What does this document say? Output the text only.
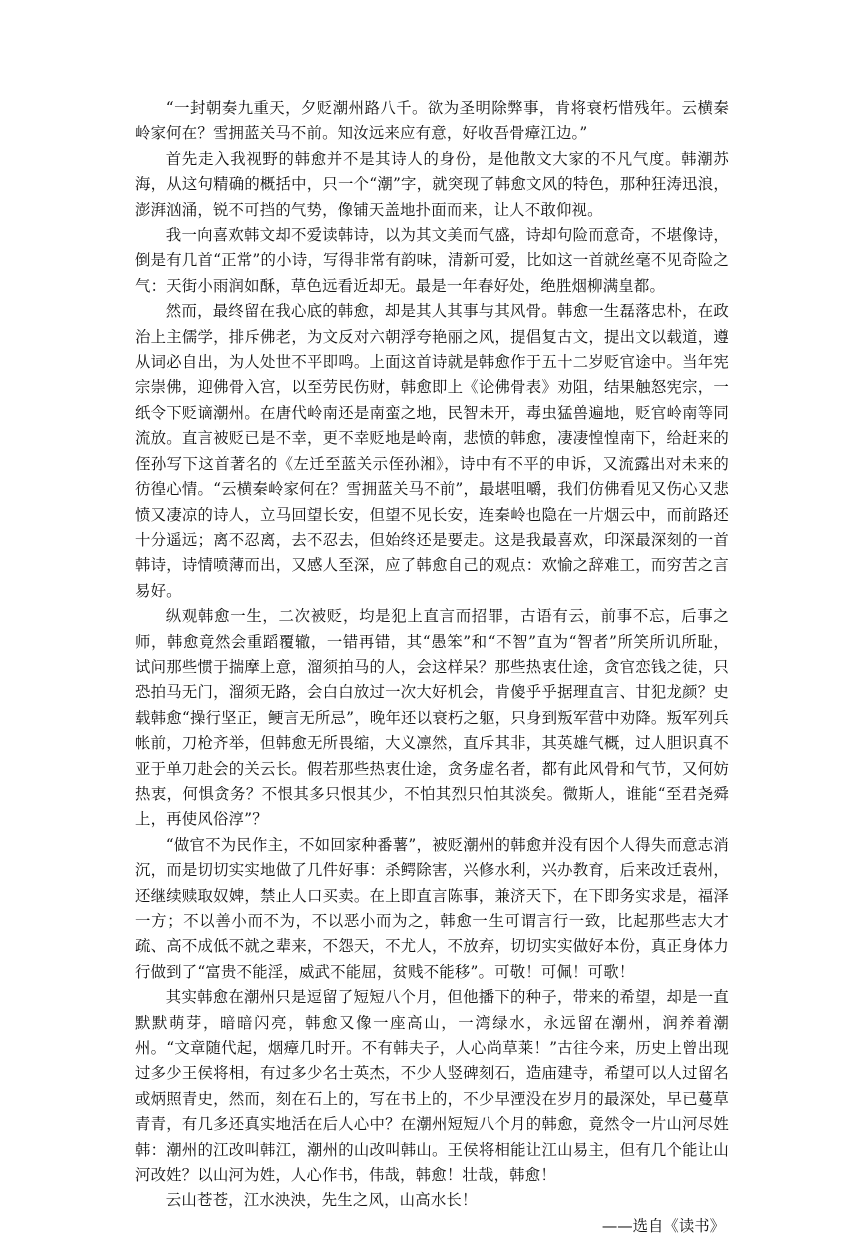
“一封朝奏九重天，夕贬潮州路八千。欲为圣明除弊事，肯将衰朽惜残年。云横秦岭家何在？雪拥蓝关马不前。知汝远来应有意，好收吾骨瘴江边。”

首先走入我视野的韩愈并不是其诗人的身份，是他散文大家的不凡气度。韩潮苏海，从这句精确的概括中，只一个“潮”字，就突现了韩愈文风的特色，那种狂涛迅浪，澎湃汹涌，锐不可挡的气势，像铺天盖地扑面而来，让人不敢仰视。

我一向喜欢韩文却不爱读韩诗，以为其文美而气盛，诗却句险而意奇，不堪像诗，倒是有几首“正常”的小诗，写得非常有韵味，清新可爱，比如这一首就丝毫不见奇险之气：天街小雨润如酥，草色远看近却无。最是一年春好处，绝胜烟柳满皇都。

然而，最终留在我心底的韩愈，却是其人其事与其风骨。韩愈一生磊落忠朴，在政治上主儒学，排斥佛老，为文反对六朝浮夸艳丽之风，提倡复古文，提出文以载道，遵从词必自出，为人处世不平即鸣。上面这首诗就是韩愈作于五十二岁贬官途中。当年宪宗崇佛，迎佛骨入宫，以至劳民伤财，韩愈即上《论佛骨表》劝阻，结果触怒宪宗，一纸令下贬谪潮州。在唐代岭南还是南蛮之地，民智未开，毒虫猛兽遍地，贬官岭南等同流放。直言被贬已是不幸，更不幸贬地是岭南，悲愤的韩愈，凄凄惶惶南下，给赶来的侄孙写下这首著名的《左迁至蓝关示侄孙湘》，诗中有不平的申诉，又流露出对未来的彷徨心情。“云横秦岭家何在？雪拥蓝关马不前”，最堪咀嚼，我们仿佛看见又伤心又悲愤又凄凉的诗人，立马回望长安，但望不见长安，连秦岭也隐在一片烟云中，而前路还十分遥远；离不忍离，去不忍去，但始终还是要走。这是我最喜欢，印深最深刻的一首韩诗，诗情喷薄而出，又感人至深，应了韩愈自己的观点：欢愉之辞难工，而穷苦之言易好。

纵观韩愈一生，二次被贬，均是犯上直言而招罪，古语有云，前事不忘，后事之师，韩愈竟然会重蹈覆辙，一错再错，其“愚笨”和“不智”直为“智者”所笑所讥所耻，试问那些惯于揣摩上意，溜须拍马的人，会这样呆？那些热衷仕途，贪官恋钱之徒，只恐拍马无门，溜须无路，会白白放过一次大好机会，肯傻乎乎据理直言、甘犯龙颜？史载韩愈“操行坚正，鲠言无所忌”，晚年还以衰朽之躯，只身到叛军营中劝降。叛军列兵帐前，刀枪齐举，但韩愈无所畏缩，大义凛然，直斥其非，其英雄气概，过人胆识真不亚于单刀赴会的关云长。假若那些热衷仕途，贪务虚名者，都有此风骨和气节，又何妨热衷，何惧贪务？不恨其多只恨其少，不怕其烈只怕其淡矣。微斯人，谁能“至君尧舜上，再使风俗淳”？

“做官不为民作主，不如回家种番薯”，被贬潮州的韩愈并没有因个人得失而意志消沉，而是切切实实地做了几件好事：杀鳄除害，兴修水利，兴办教育，后来改迁袁州，还继续赎取奴婢，禁止人口买卖。在上即直言陈事，兼济天下，在下即务实求是，福泽一方；不以善小而不为，不以恶小而为之，韩愈一生可谓言行一致，比起那些志大才疏、高不成低不就之辈来，不怨天，不尤人，不放弃，切切实实做好本份，真正身体力行做到了“富贵不能淫，威武不能屈，贫贱不能移”。可敬！可佩！可歌！

其实韩愈在潮州只是逗留了短短八个月，但他播下的种子，带来的希望，却是一直默默萌芽，暗暗闪亮，韩愈又像一座高山，一湾绿水，永远留在潮州，润养着潮州。“文章随代起，烟瘴几时开。不有韩夫子，人心尚草莱！”古往今来，历史上曾出现过多少王侯将相，有过多少名士英杰，不少人竖碑刻石，造庙建寺，希望可以人过留名或炳照青史，然而，刻在石上的，写在书上的，不少早湮没在岁月的最深处，早已蔓草青青，有几多还真实地活在后人心中？在潮州短短八个月的韩愈，竟然令一片山河尽姓韩：潮州的江改叫韩江，潮州的山改叫韩山。王侯将相能让江山易主，但有几个能让山河改姓？以山河为姓，人心作书，伟哉，韩愈！壮哉，韩愈！

云山苍苍，江水泱泱，先生之风，山高水长！

——选自《读书》
